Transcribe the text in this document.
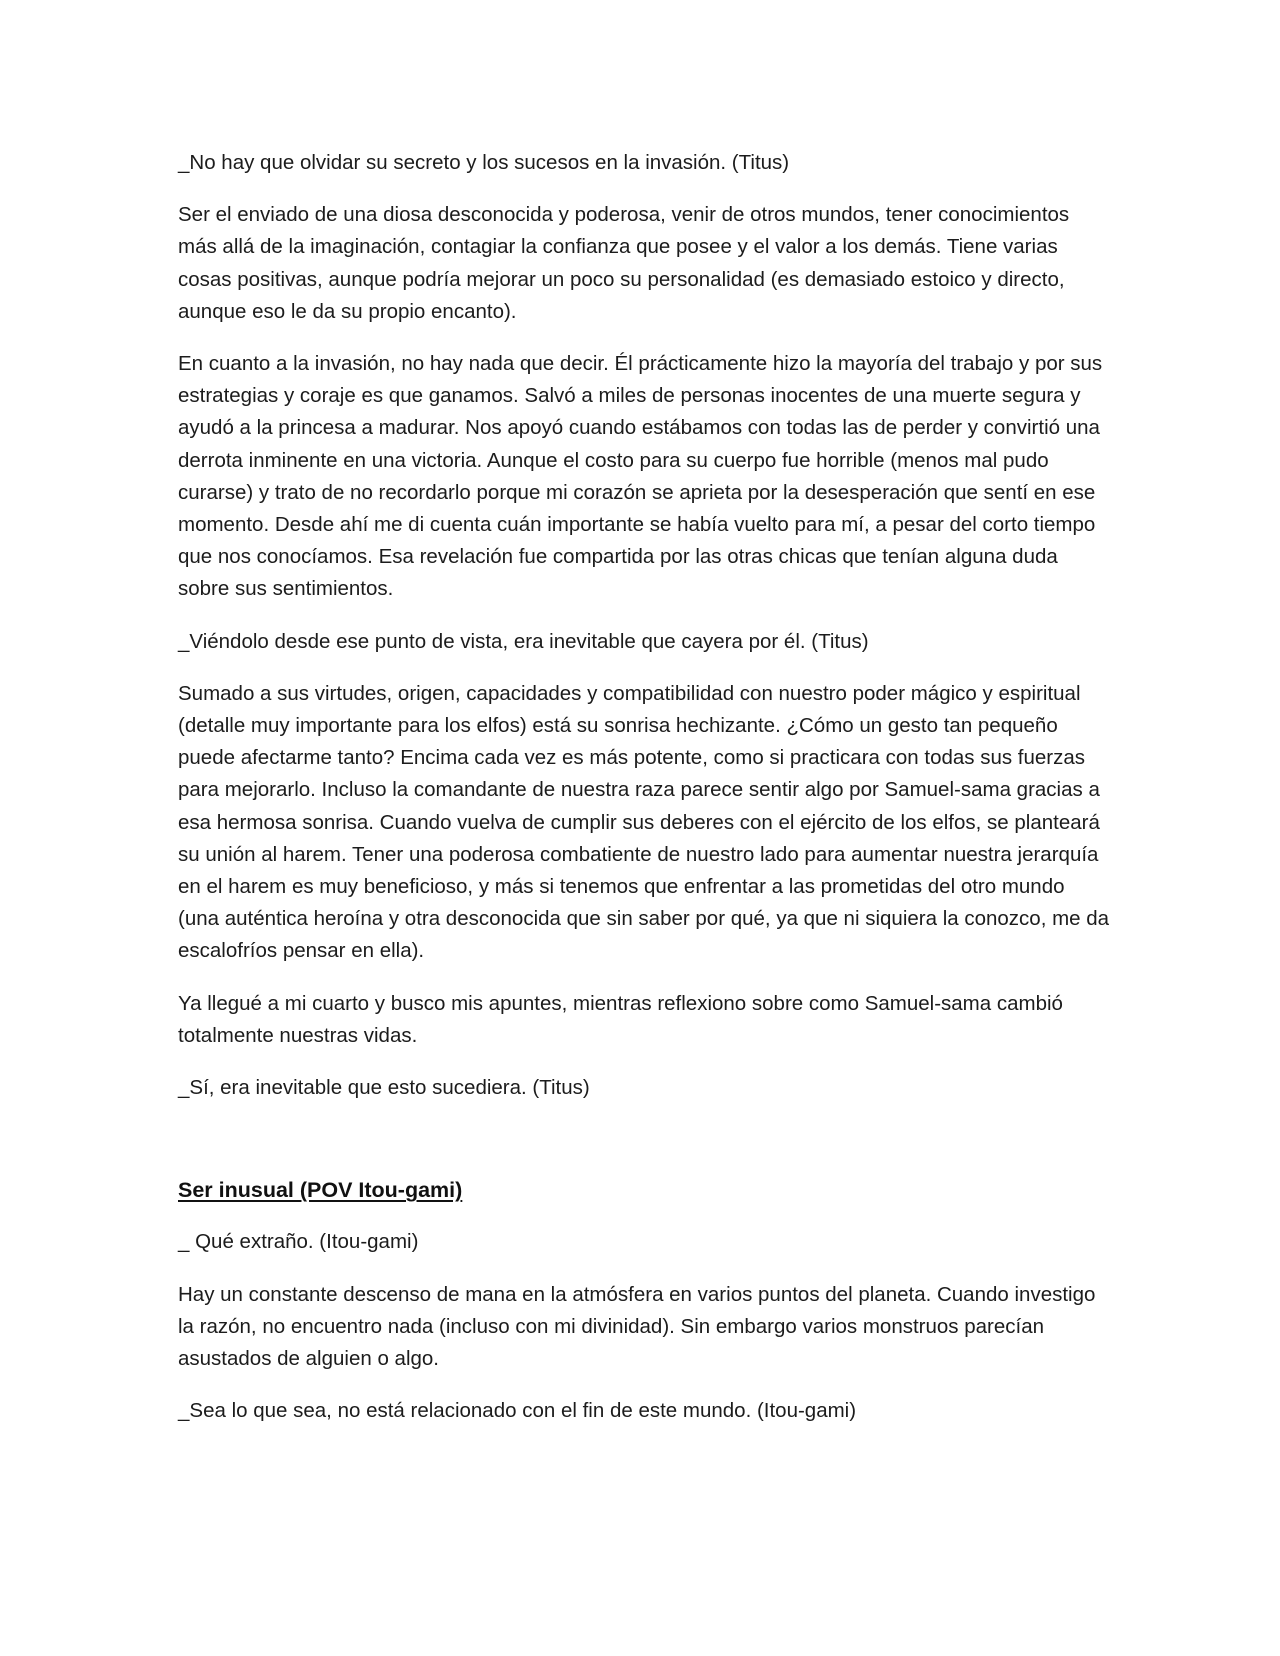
_No hay que olvidar su secreto y los sucesos en la invasión. (Titus)

Ser el enviado de una diosa desconocida y poderosa, venir de otros mundos, tener conocimientos más allá de la imaginación, contagiar la confianza que posee y el valor a los demás. Tiene varias cosas positivas, aunque podría mejorar un poco su personalidad (es demasiado estoico y directo, aunque eso le da su propio encanto).

En cuanto a la invasión, no hay nada que decir. Él prácticamente hizo la mayoría del trabajo y por sus estrategias y coraje es que ganamos. Salvó a miles de personas inocentes de una muerte segura y ayudó a la princesa a madurar. Nos apoyó cuando estábamos con todas las de perder y convirtió una derrota inminente en una victoria. Aunque el costo para su cuerpo fue horrible (menos mal pudo curarse) y trato de no recordarlo porque mi corazón se aprieta por la desesperación que sentí en ese momento. Desde ahí me di cuenta cuán importante se había vuelto para mí, a pesar del corto tiempo que nos conocíamos. Esa revelación fue compartida por las otras chicas que tenían alguna duda sobre sus sentimientos.

_Viéndolo desde ese punto de vista, era inevitable que cayera por él. (Titus)

Sumado a sus virtudes, origen, capacidades y compatibilidad con nuestro poder mágico y espiritual (detalle muy importante para los elfos) está su sonrisa hechizante. ¿Cómo un gesto tan pequeño puede afectarme tanto? Encima cada vez es más potente, como si practicara con todas sus fuerzas para mejorarlo. Incluso la comandante de nuestra raza parece sentir algo por Samuel-sama gracias a esa hermosa sonrisa. Cuando vuelva de cumplir sus deberes con el ejército de los elfos, se planteará su unión al harem. Tener una poderosa combatiente de nuestro lado para aumentar nuestra jerarquía en el harem es muy beneficioso, y más si tenemos que enfrentar a las prometidas del otro mundo (una auténtica heroína y otra desconocida que sin saber por qué, ya que ni siquiera la conozco, me da escalofríos pensar en ella).

Ya llegué a mi cuarto y busco mis apuntes, mientras reflexiono sobre como Samuel-sama cambió totalmente nuestras vidas.

_Sí, era inevitable que esto sucediera. (Titus)

Ser inusual (POV Itou-gami)

_ Qué extraño. (Itou-gami)

Hay un constante descenso de mana en la atmósfera en varios puntos del planeta. Cuando investigo la razón, no encuentro nada (incluso con mi divinidad). Sin embargo varios monstruos parecían asustados de alguien o algo.

_Sea lo que sea, no está relacionado con el fin de este mundo. (Itou-gami)
